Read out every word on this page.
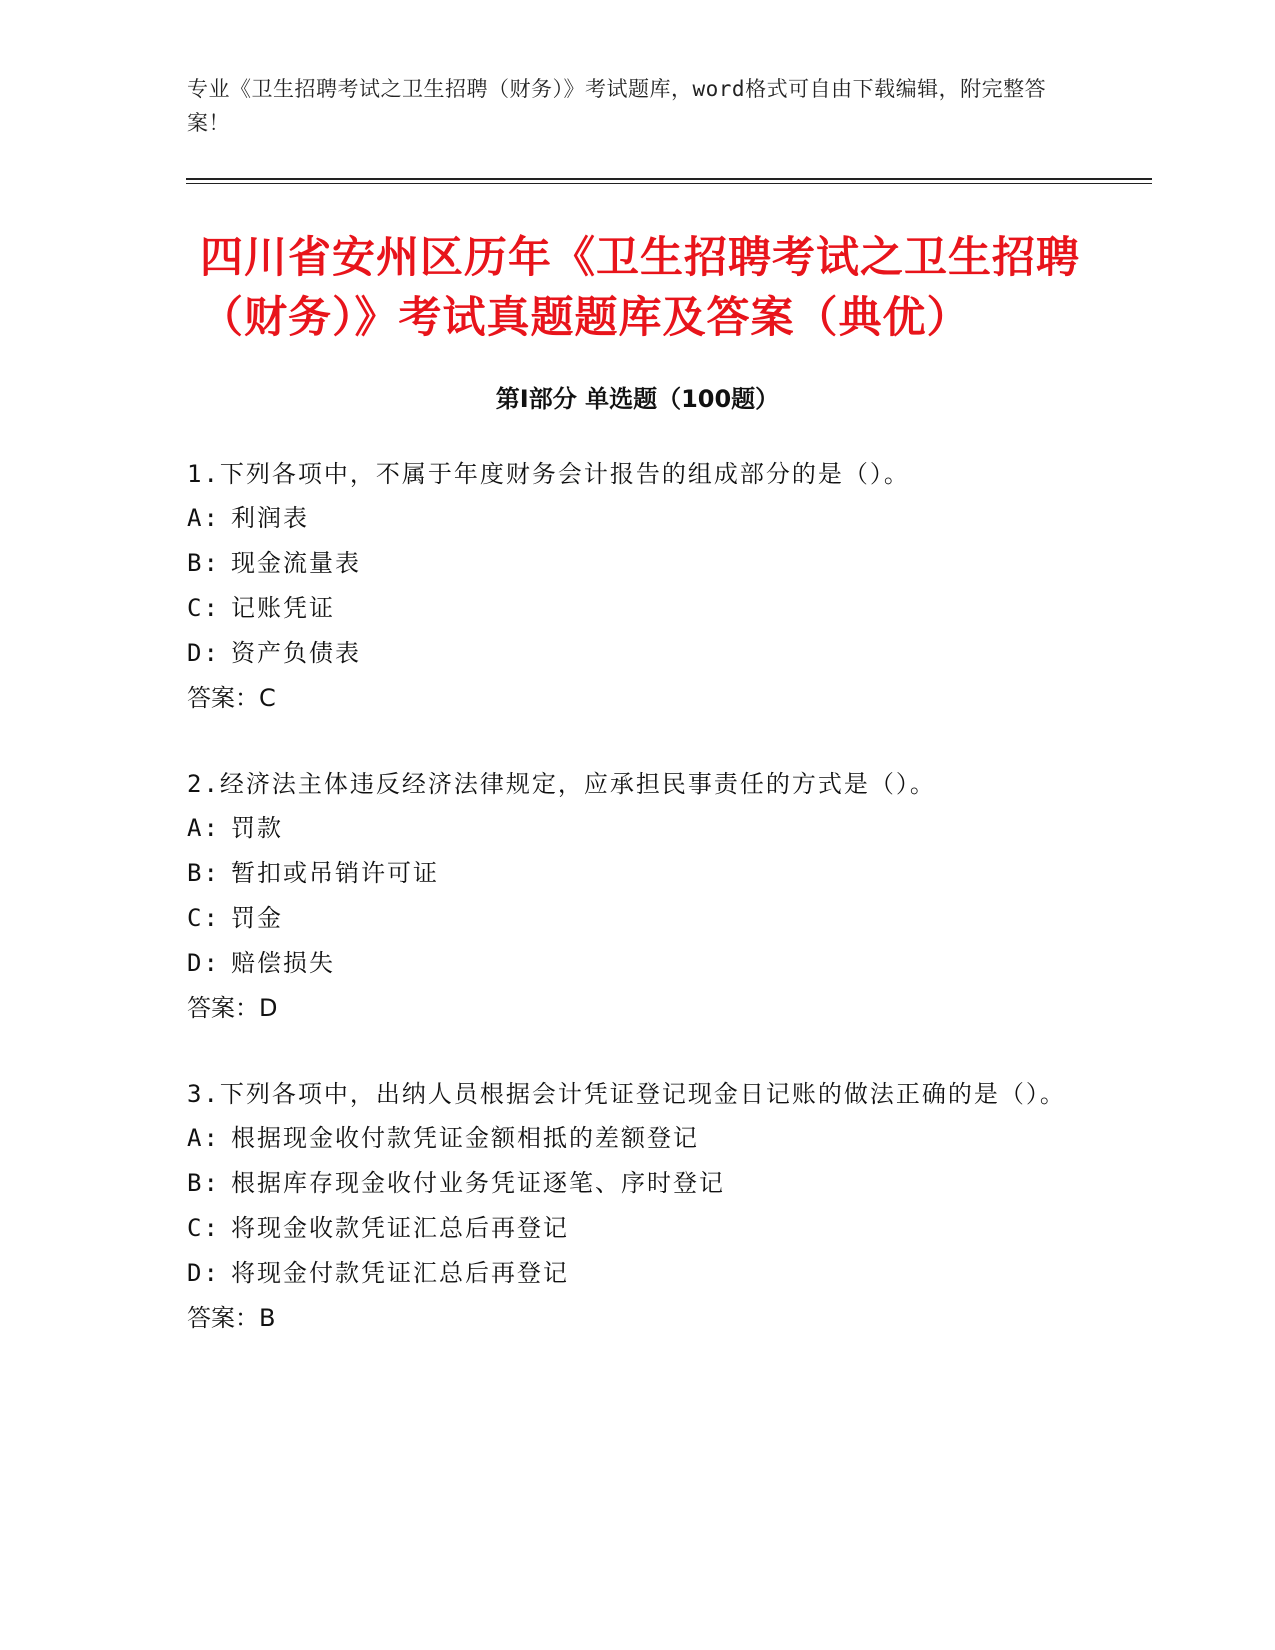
专业《卫生招聘考试之卫生招聘（财务）》考试题库，word格式可自由下载编辑，附完整答案！
四川省安州区历年《卫生招聘考试之卫生招聘（财务）》考试真题题库及答案（典优）
第Ⅰ部分 单选题（100题）
1.下列各项中，不属于年度财务会计报告的组成部分的是（）。
A: 利润表
B: 现金流量表
C: 记账凭证
D: 资产负债表
答案：C
2.经济法主体违反经济法律规定，应承担民事责任的方式是（）。
A: 罚款
B: 暂扣或吊销许可证
C: 罚金
D: 赔偿损失
答案：D
3.下列各项中，出纳人员根据会计凭证登记现金日记账的做法正确的是（）。
A: 根据现金收付款凭证金额相抵的差额登记
B: 根据库存现金收付业务凭证逐笔、序时登记
C: 将现金收款凭证汇总后再登记
D: 将现金付款凭证汇总后再登记
答案：B
